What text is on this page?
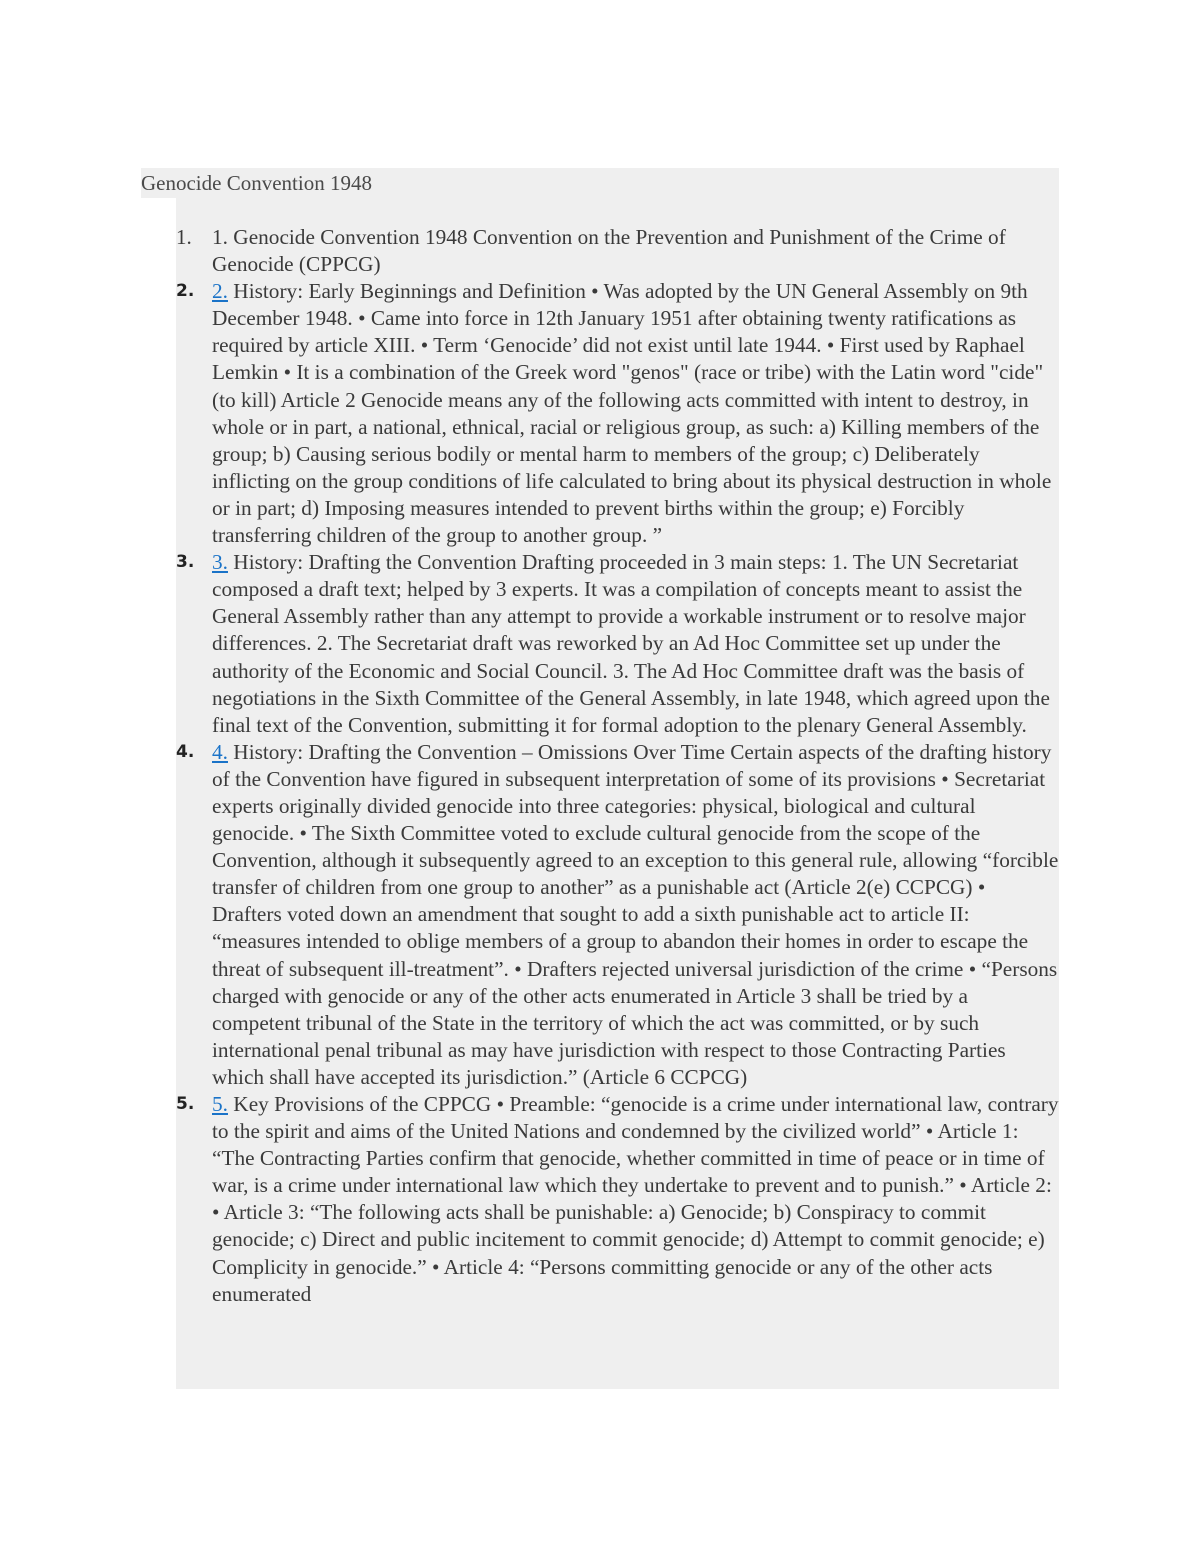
Genocide Convention 1948
1. 1. Genocide Convention 1948 Convention on the Prevention and Punishment of the Crime of Genocide (CPPCG)
2. 2. History: Early Beginnings and Definition • Was adopted by the UN General Assembly on 9th December 1948. • Came into force in 12th January 1951 after obtaining twenty ratifications as required by article XIII. • Term ‘Genocide’ did not exist until late 1944. • First used by Raphael Lemkin • It is a combination of the Greek word "genos" (race or tribe) with the Latin word "cide" (to kill) Article 2 Genocide means any of the following acts committed with intent to destroy, in whole or in part, a national, ethnical, racial or religious group, as such: a) Killing members of the group; b) Causing serious bodily or mental harm to members of the group; c) Deliberately inflicting on the group conditions of life calculated to bring about its physical destruction in whole or in part; d) Imposing measures intended to prevent births within the group; e) Forcibly transferring children of the group to another group. ”
3. 3. History: Drafting the Convention Drafting proceeded in 3 main steps: 1. The UN Secretariat composed a draft text; helped by 3 experts. It was a compilation of concepts meant to assist the General Assembly rather than any attempt to provide a workable instrument or to resolve major differences. 2. The Secretariat draft was reworked by an Ad Hoc Committee set up under the authority of the Economic and Social Council. 3. The Ad Hoc Committee draft was the basis of negotiations in the Sixth Committee of the General Assembly, in late 1948, which agreed upon the final text of the Convention, submitting it for formal adoption to the plenary General Assembly.
4. 4. History: Drafting the Convention – Omissions Over Time Certain aspects of the drafting history of the Convention have figured in subsequent interpretation of some of its provisions • Secretariat experts originally divided genocide into three categories: physical, biological and cultural genocide. • The Sixth Committee voted to exclude cultural genocide from the scope of the Convention, although it subsequently agreed to an exception to this general rule, allowing “forcible transfer of children from one group to another” as a punishable act (Article 2(e) CCPCG) • Drafters voted down an amendment that sought to add a sixth punishable act to article II: “measures intended to oblige members of a group to abandon their homes in order to escape the threat of subsequent ill-treatment”. • Drafters rejected universal jurisdiction of the crime • “Persons charged with genocide or any of the other acts enumerated in Article 3 shall be tried by a competent tribunal of the State in the territory of which the act was committed, or by such international penal tribunal as may have jurisdiction with respect to those Contracting Parties which shall have accepted its jurisdiction.” (Article 6 CCPCG)
5. 5. Key Provisions of the CPPCG • Preamble: “genocide is a crime under international law, contrary to the spirit and aims of the United Nations and condemned by the civilized world” • Article 1: “The Contracting Parties confirm that genocide, whether committed in time of peace or in time of war, is a crime under international law which they undertake to prevent and to punish.” • Article 2: • Article 3: “The following acts shall be punishable: a) Genocide; b) Conspiracy to commit genocide; c) Direct and public incitement to commit genocide; d) Attempt to commit genocide; e) Complicity in genocide.” • Article 4: “Persons committing genocide or any of the other acts enumerated
